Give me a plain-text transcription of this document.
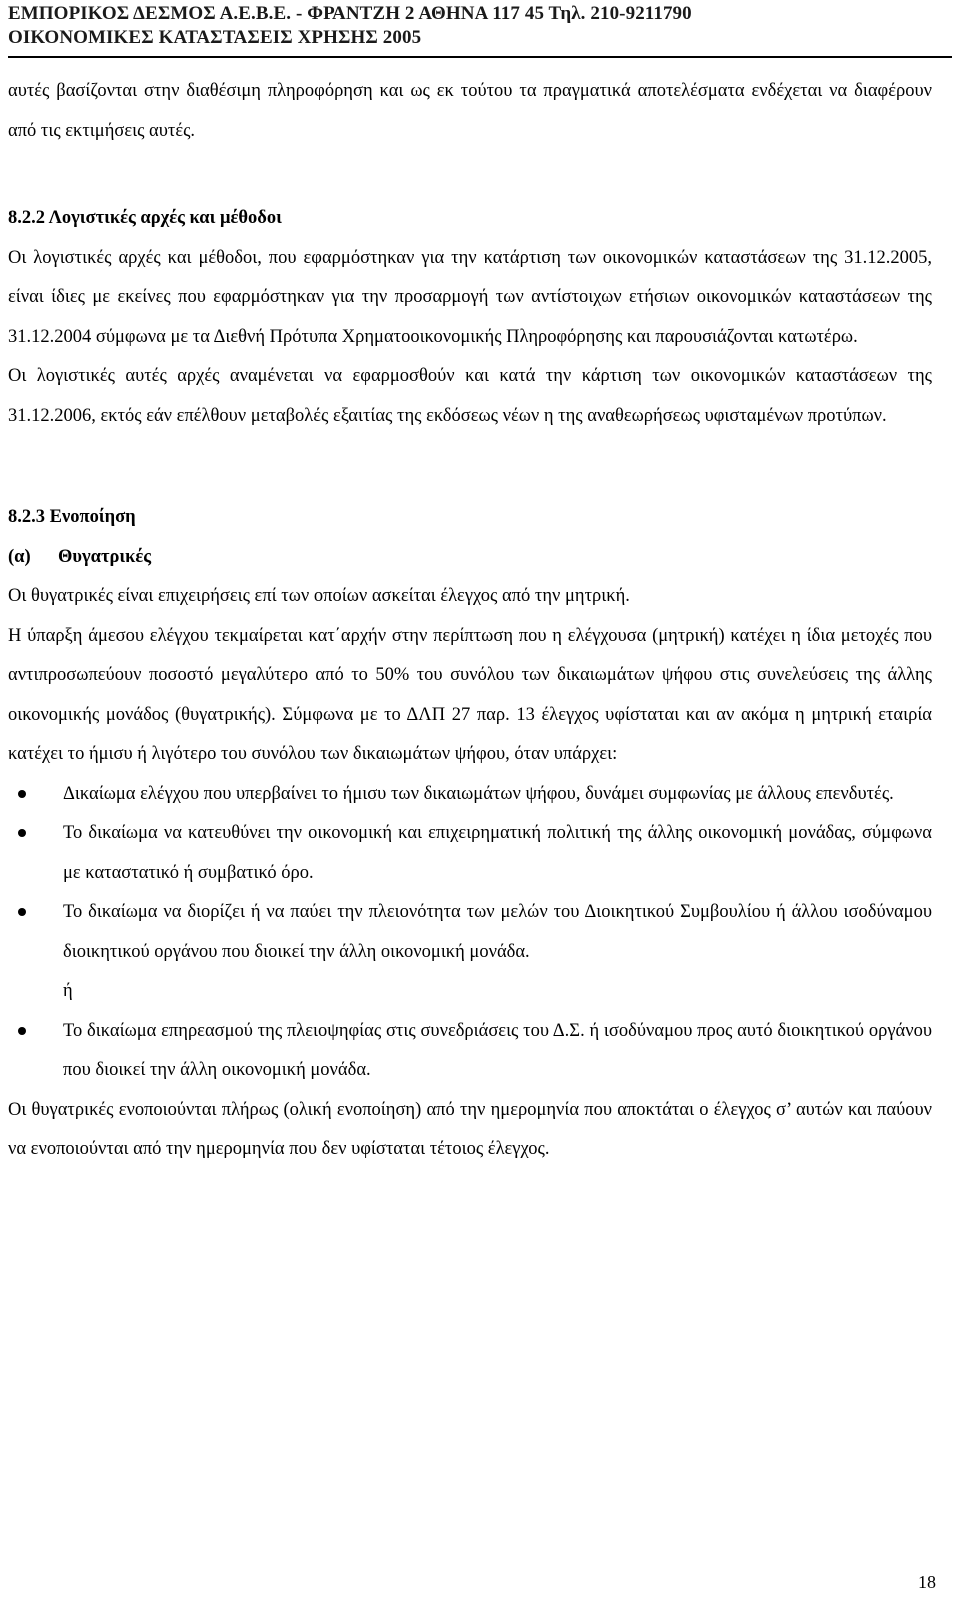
ΕΜΠΟΡΙΚΟΣ ΔΕΣΜΟΣ Α.Ε.Β.Ε. - ΦΡΑΝΤΖΗ 2 ΑΘΗΝΑ 117 45 Τηλ. 210-9211790
ΟΙΚΟΝΟΜΙΚΕΣ ΚΑΤΑΣΤΑΣΕΙΣ ΧΡΗΣΗΣ 2005

αυτές βασίζονται στην διαθέσιμη πληροφόρηση και ως εκ τούτου τα πραγματικά αποτελέσματα ενδέχεται να διαφέρουν από τις εκτιμήσεις αυτές.

8.2.2 Λογιστικές αρχές και μέθοδοι

Οι λογιστικές αρχές και μέθοδοι, που εφαρμόστηκαν για την κατάρτιση των οικονομικών καταστάσεων της 31.12.2005, είναι ίδιες με εκείνες που εφαρμόστηκαν για την προσαρμογή των αντίστοιχων ετήσιων οικονομικών καταστάσεων της 31.12.2004 σύμφωνα με τα Διεθνή Πρότυπα Χρηματοοικονομικής Πληροφόρησης και παρουσιάζονται κατωτέρω.

Οι λογιστικές αυτές αρχές αναμένεται να εφαρμοσθούν και κατά την κάρτιση των οικονομικών καταστάσεων της 31.12.2006, εκτός εάν επέλθουν μεταβολές εξαιτίας της εκδόσεως νέων η της αναθεωρήσεως υφισταμένων προτύπων.

8.2.3 Ενοποίηση
(α)	Θυγατρικές

Οι θυγατρικές είναι επιχειρήσεις επί των οποίων ασκείται έλεγχος από την μητρική.

Η ύπαρξη άμεσου ελέγχου τεκμαίρεται κατ΄αρχήν στην περίπτωση που η ελέγχουσα (μητρική) κατέχει η ίδια μετοχές που αντιπροσωπεύουν ποσοστό μεγαλύτερο από το 50% του συνόλου των δικαιωμάτων ψήφου στις συνελεύσεις της άλλης οικονομικής μονάδος (θυγατρικής). Σύμφωνα με το ΔΛΠ 27 παρ. 13 έλεγχος υφίσταται και αν ακόμα η μητρική εταιρία κατέχει το ήμισυ ή λιγότερο του συνόλου των δικαιωμάτων ψήφου, όταν υπάρχει:

Δικαίωμα ελέγχου που υπερβαίνει το ήμισυ των δικαιωμάτων ψήφου, δυνάμει συμφωνίας με άλλους επενδυτές.

Το δικαίωμα να κατευθύνει την οικονομική και επιχειρηματική πολιτική της άλλης οικονομική μονάδας, σύμφωνα με καταστατικό ή συμβατικό όρο.

Το δικαίωμα να διορίζει ή να παύει την πλειονότητα των μελών του Διοικητικού Συμβουλίου ή άλλου ισοδύναμου διοικητικού οργάνου που διοικεί την άλλη οικονομική μονάδα.

ή

Το δικαίωμα επηρεασμού της πλειοψηφίας στις συνεδριάσεις του Δ.Σ. ή ισοδύναμου προς αυτό διοικητικού οργάνου που διοικεί την άλλη οικονομική μονάδα.

Οι θυγατρικές ενοποιούνται πλήρως (ολική ενοποίηση) από την ημερομηνία που αποκτάται ο έλεγχος σ’ αυτών και παύουν να ενοποιούνται από την ημερομηνία που δεν υφίσταται τέτοιος έλεγχος.

18
